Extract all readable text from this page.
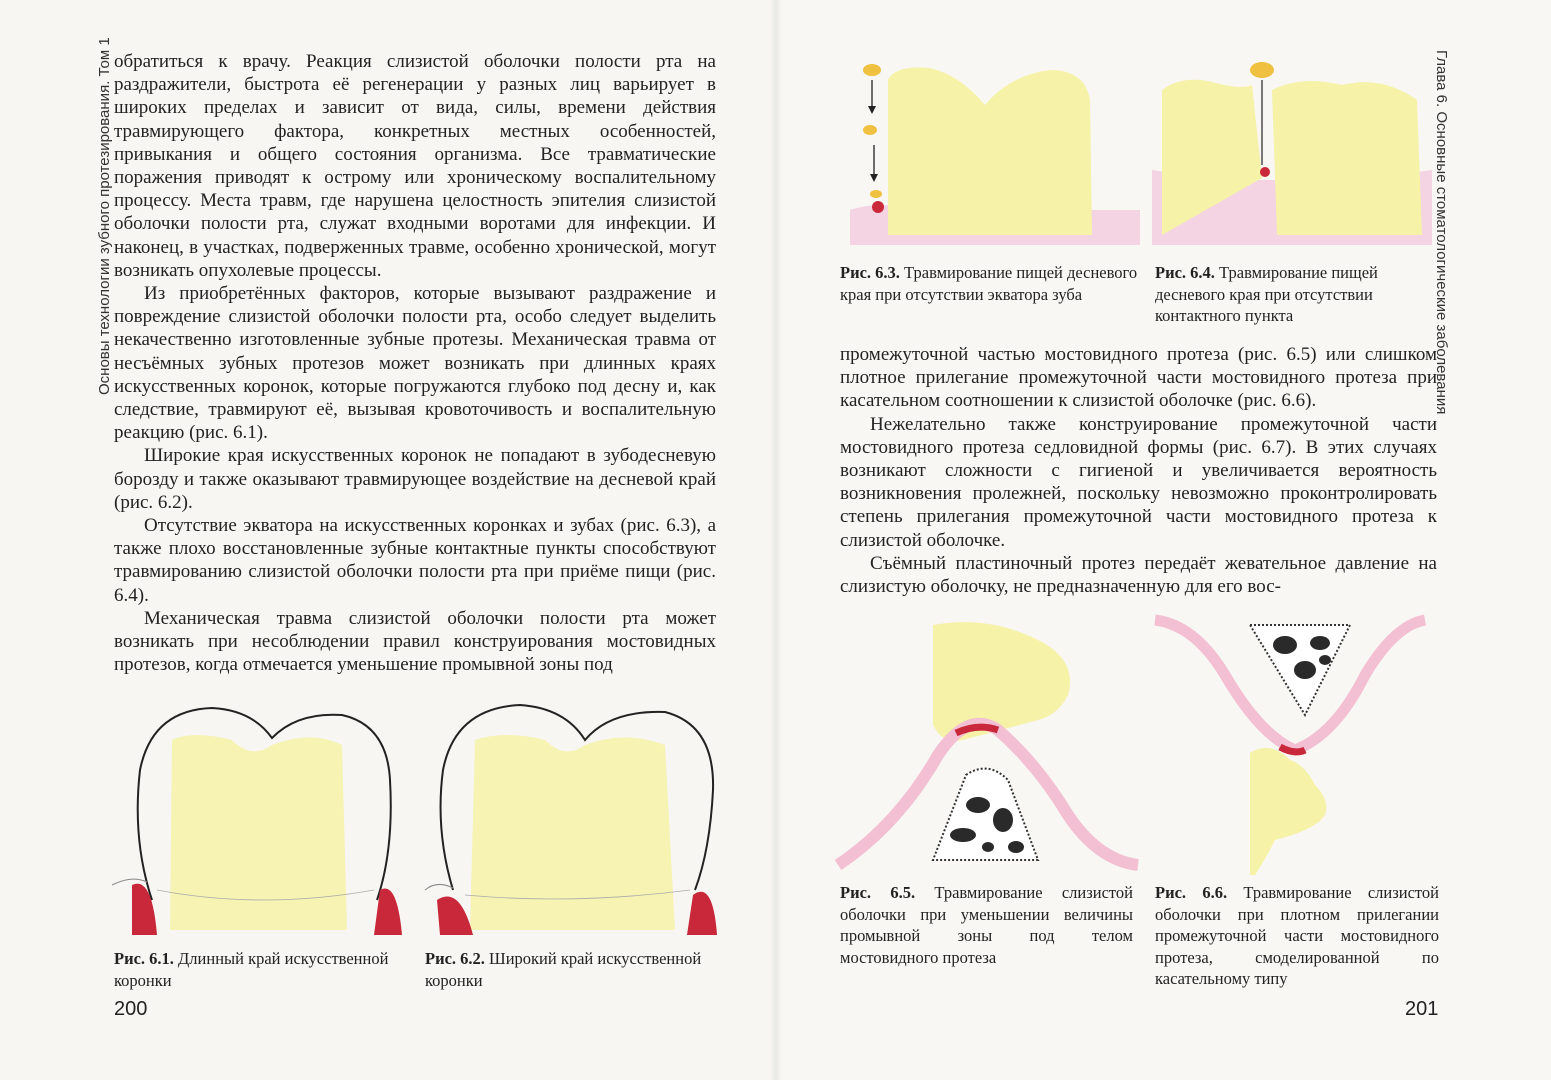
Основы технологии зубного протезирования. Том 1	Глава 6. Основные стоматологические заболевания

обратиться к врачу. Реакция слизистой оболочки полости рта на раздражители, быстрота её регенерации у разных лиц варьирует в широких пределах и зависит от вида, силы, времени действия травмирующего фактора, конкретных местных особенностей, привыкания и общего состояния организма. Все травматические поражения приводят к острому или хроническому воспалительному процессу. Места травм, где нарушена целостность эпителия слизистой оболочки полости рта, служат входными воротами для инфекции. И наконец, в участках, подверженных травме, особенно хронической, могут возникать опухолевые процессы.

Из приобретённых факторов, которые вызывают раздражение и повреждение слизистой оболочки полости рта, особо следует выделить некачественно изготовленные зубные протезы. Механическая травма от несъёмных зубных протезов может возникать при длинных краях искусственных коронок, которые погружаются глубоко под десну и, как следствие, травмируют её, вызывая кровоточивость и воспалительную реакцию (рис. 6.1).

Широкие края искусственных коронок не попадают в зубодесневую борозду и также оказывают травмирующее воздействие на десневой край (рис. 6.2).

Отсутствие экватора на искусственных коронках и зубах (рис. 6.3), а также плохо восстановленные зубные контактные пункты способствуют травмированию слизистой оболочки полости рта при приёме пищи (рис. 6.4).

Механическая травма слизистой оболочки полости рта может возникать при несоблюдении правил конструирования мостовидных протезов, когда отмечается уменьшение промывной зоны под

Рис. 6.1. Длинный край искусственной коронки
Рис. 6.2. Широкий край искусственной коронки
200
Рис. 6.3. Травмирование пищей десневого края при отсутствии экватора зуба
Рис. 6.4. Травмирование пищей десневого края при отсутствии контактного пункта

промежуточной частью мостовидного протеза (рис. 6.5) или слишком плотное прилегание промежуточной части мостовидного протеза при касательном соотношении к слизистой оболочке (рис. 6.6).

Нежелательно также конструирование промежуточной части мостовидного протеза седловидной формы (рис. 6.7). В этих случаях возникают сложности с гигиеной и увеличивается вероятность возникновения пролежней, поскольку невозможно проконтролировать степень прилегания промежуточной части мостовидного протеза к слизистой оболочке.

Съёмный пластиночный протез передаёт жевательное давление на слизистую оболочку, не предназначенную для его вос-

Рис. 6.5. Травмирование слизистой оболочки при уменьшении величины промывной зоны под телом мостовидного протеза
Рис. 6.6. Травмирование слизистой оболочки при плотном прилегании промежуточной части мостовидного протеза, смоделированной по касательному типу
201
